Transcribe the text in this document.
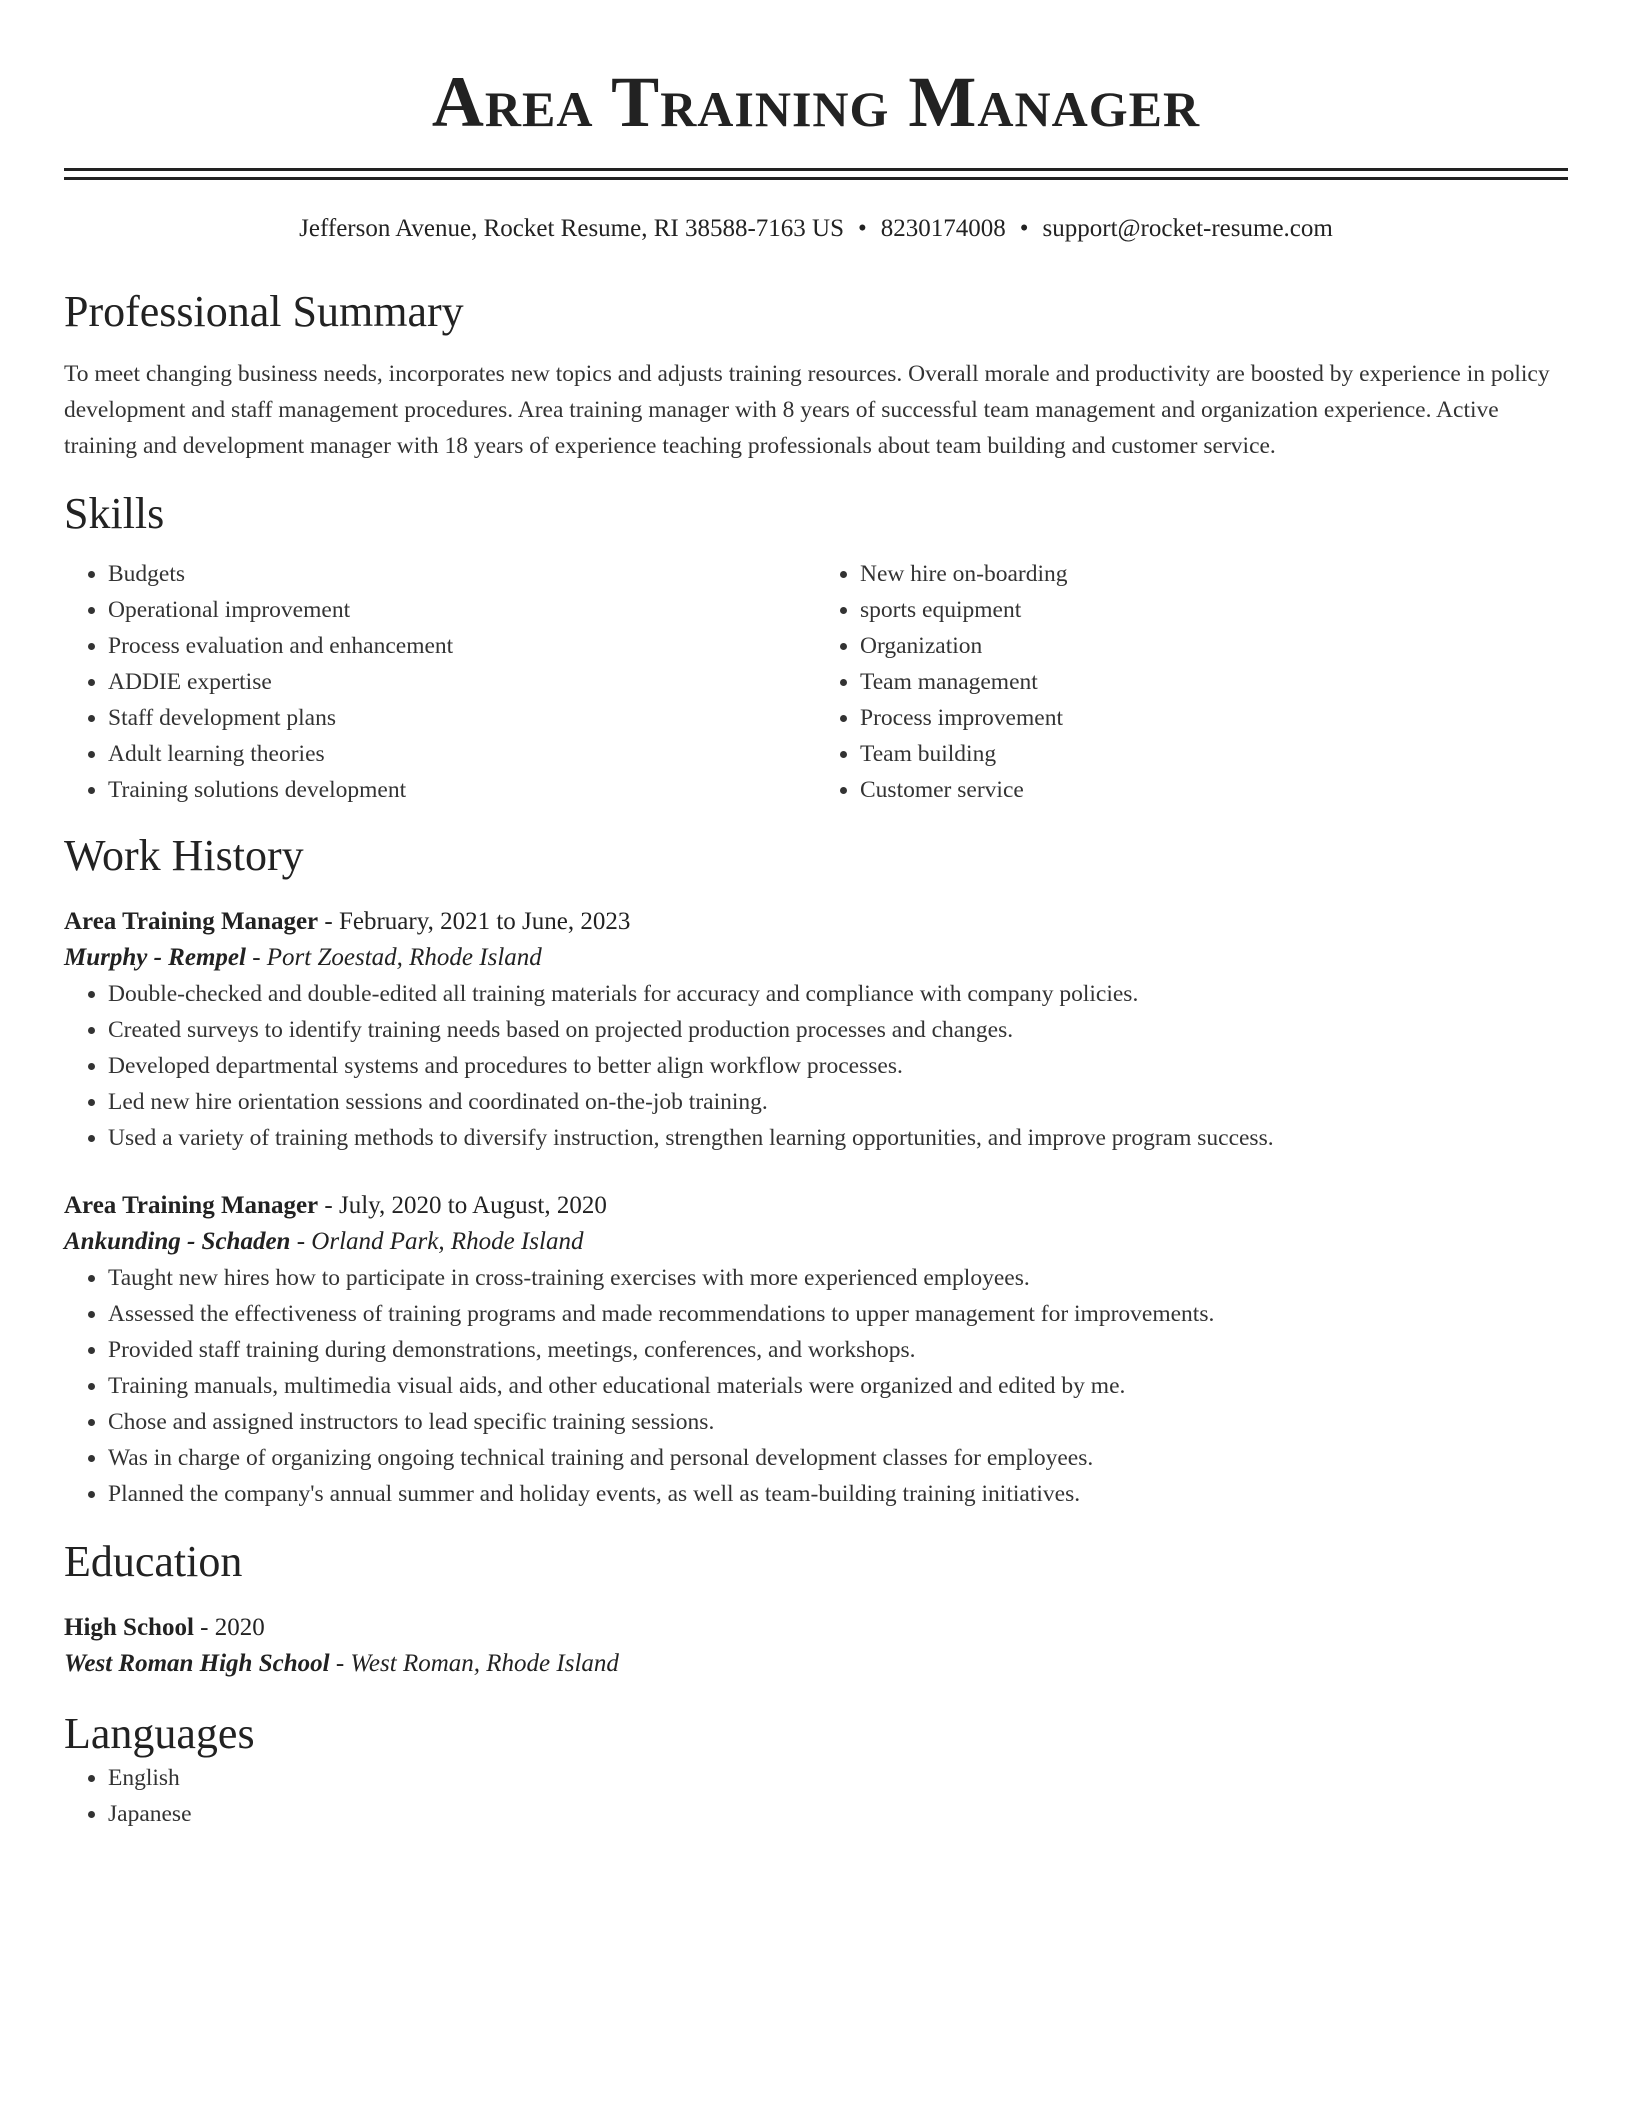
Area Training Manager
Jefferson Avenue, Rocket Resume, RI 38588-7163 US • 8230174008 • support@rocket-resume.com
Professional Summary
To meet changing business needs, incorporates new topics and adjusts training resources. Overall morale and productivity are boosted by experience in policy development and staff management procedures. Area training manager with 8 years of successful team management and organization experience. Active training and development manager with 18 years of experience teaching professionals about team building and customer service.
Skills
• Budgets
• Operational improvement
• Process evaluation and enhancement
• ADDIE expertise
• Staff development plans
• Adult learning theories
• Training solutions development
• New hire on-boarding
• sports equipment
• Organization
• Team management
• Process improvement
• Team building
• Customer service
Work History
Area Training Manager - February, 2021 to June, 2023
Murphy - Rempel - Port Zoestad, Rhode Island
• Double-checked and double-edited all training materials for accuracy and compliance with company policies.
• Created surveys to identify training needs based on projected production processes and changes.
• Developed departmental systems and procedures to better align workflow processes.
• Led new hire orientation sessions and coordinated on-the-job training.
• Used a variety of training methods to diversify instruction, strengthen learning opportunities, and improve program success.
Area Training Manager - July, 2020 to August, 2020
Ankunding - Schaden - Orland Park, Rhode Island
• Taught new hires how to participate in cross-training exercises with more experienced employees.
• Assessed the effectiveness of training programs and made recommendations to upper management for improvements.
• Provided staff training during demonstrations, meetings, conferences, and workshops.
• Training manuals, multimedia visual aids, and other educational materials were organized and edited by me.
• Chose and assigned instructors to lead specific training sessions.
• Was in charge of organizing ongoing technical training and personal development classes for employees.
• Planned the company's annual summer and holiday events, as well as team-building training initiatives.
Education
High School - 2020
West Roman High School - West Roman, Rhode Island
Languages
• English
• Japanese
